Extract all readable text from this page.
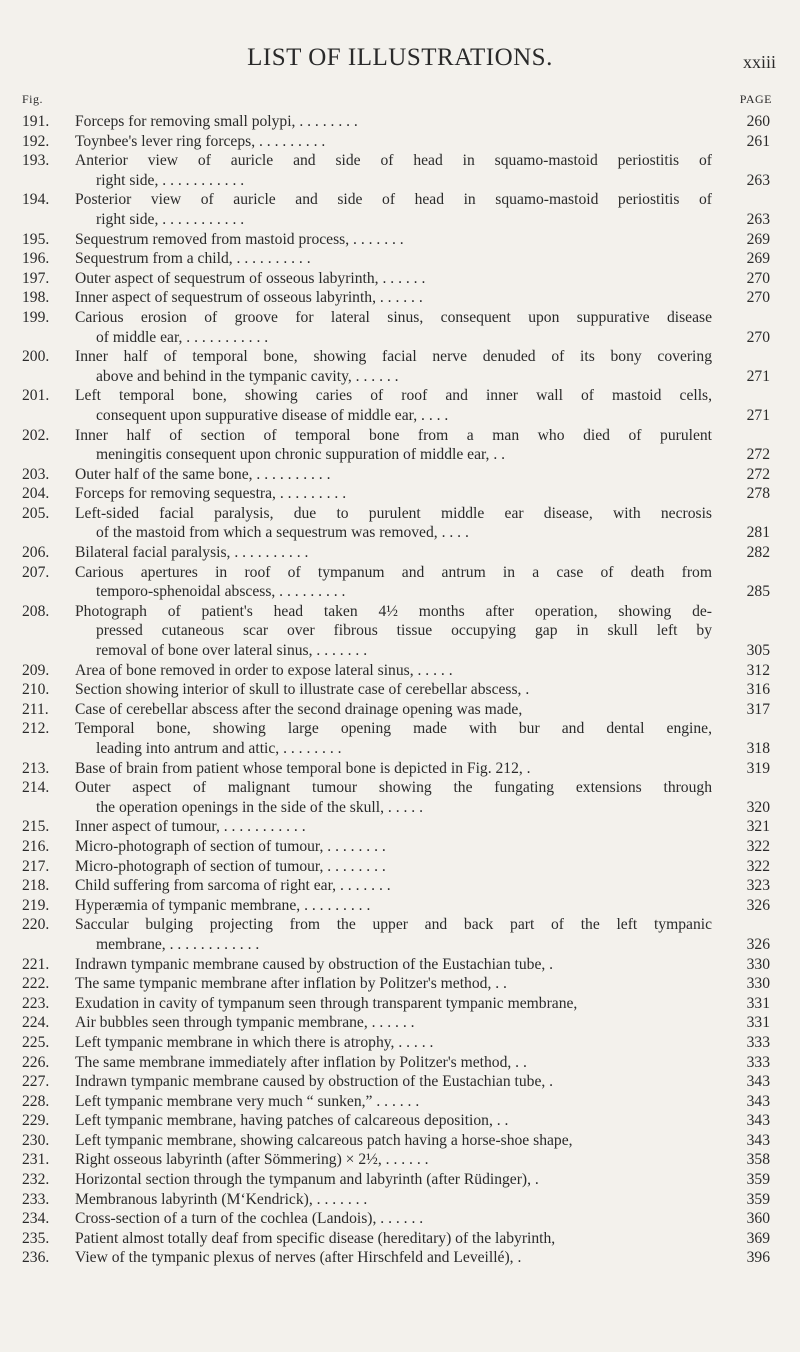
LIST OF ILLUSTRATIONS.	xxiii
Fig.	PAGE
191. Forceps for removing small polypi, . . . . . . . .	260
192. Toynbee's lever ring forceps, . . . . . . . . .	261
193. Anterior view of auricle and side of head in squamo-mastoid periostitis of
right side, . . . . . . . . . . .	263
194. Posterior view of auricle and side of head in squamo-mastoid periostitis of
right side, . . . . . . . . . . .	263
195. Sequestrum removed from mastoid process, . . . . . . .	269
196. Sequestrum from a child, . . . . . . . . . .	269
197. Outer aspect of sequestrum of osseous labyrinth, . . . . . .	270
198. Inner aspect of sequestrum of osseous labyrinth, . . . . . .	270
199. Carious erosion of groove for lateral sinus, consequent upon suppurative disease
of middle ear, . . . . . . . . . . .	270
200. Inner half of temporal bone, showing facial nerve denuded of its bony covering
above and behind in the tympanic cavity, . . . . . .	271
201. Left temporal bone, showing caries of roof and inner wall of mastoid cells,
consequent upon suppurative disease of middle ear, . . . .	271
202. Inner half of section of temporal bone from a man who died of purulent
meningitis consequent upon chronic suppuration of middle ear, . .	272
203. Outer half of the same bone, . . . . . . . . . .	272
204. Forceps for removing sequestra, . . . . . . . . .	278
205. Left-sided facial paralysis, due to purulent middle ear disease, with necrosis
of the mastoid from which a sequestrum was removed, . . . .	281
206. Bilateral facial paralysis, . . . . . . . . . .	282
207. Carious apertures in roof of tympanum and antrum in a case of death from
temporo-sphenoidal abscess, . . . . . . . . .	285
208. Photograph of patient's head taken 4½ months after operation, showing de-
pressed cutaneous scar over fibrous tissue occupying gap in skull left by
removal of bone over lateral sinus, . . . . . . .	305
209. Area of bone removed in order to expose lateral sinus, . . . . .	312
210. Section showing interior of skull to illustrate case of cerebellar abscess, .	316
211. Case of cerebellar abscess after the second drainage opening was made,	317
212. Temporal bone, showing large opening made with bur and dental engine,
leading into antrum and attic, . . . . . . . .	318
213. Base of brain from patient whose temporal bone is depicted in Fig. 212, .	319
214. Outer aspect of malignant tumour showing the fungating extensions through
the operation openings in the side of the skull, . . . . .	320
215. Inner aspect of tumour, . . . . . . . . . . .	321
216. Micro-photograph of section of tumour, . . . . . . . .	322
217. Micro-photograph of section of tumour, . . . . . . . .	322
218. Child suffering from sarcoma of right ear, . . . . . . .	323
219. Hyperæmia of tympanic membrane, . . . . . . . . .	326
220. Saccular bulging projecting from the upper and back part of the left tympanic
membrane, . . . . . . . . . . . .	326
221. Indrawn tympanic membrane caused by obstruction of the Eustachian tube, .	330
222. The same tympanic membrane after inflation by Politzer's method, . .	330
223. Exudation in cavity of tympanum seen through transparent tympanic membrane,	331
224. Air bubbles seen through tympanic membrane, . . . . . .	331
225. Left tympanic membrane in which there is atrophy, . . . . .	333
226. The same membrane immediately after inflation by Politzer's method, . .	333
227. Indrawn tympanic membrane caused by obstruction of the Eustachian tube, .	343
228. Left tympanic membrane very much “ sunken,” . . . . . .	343
229. Left tympanic membrane, having patches of calcareous deposition, . .	343
230. Left tympanic membrane, showing calcareous patch having a horse-shoe shape,	343
231. Right osseous labyrinth (after Sömmering) × 2½, . . . . . .	358
232. Horizontal section through the tympanum and labyrinth (after Rüdinger), .	359
233. Membranous labyrinth (M‘Kendrick), . . . . . . .	359
234. Cross-section of a turn of the cochlea (Landois), . . . . . .	360
235. Patient almost totally deaf from specific disease (hereditary) of the labyrinth,	369
236. View of the tympanic plexus of nerves (after Hirschfeld and Leveillé), .	396
